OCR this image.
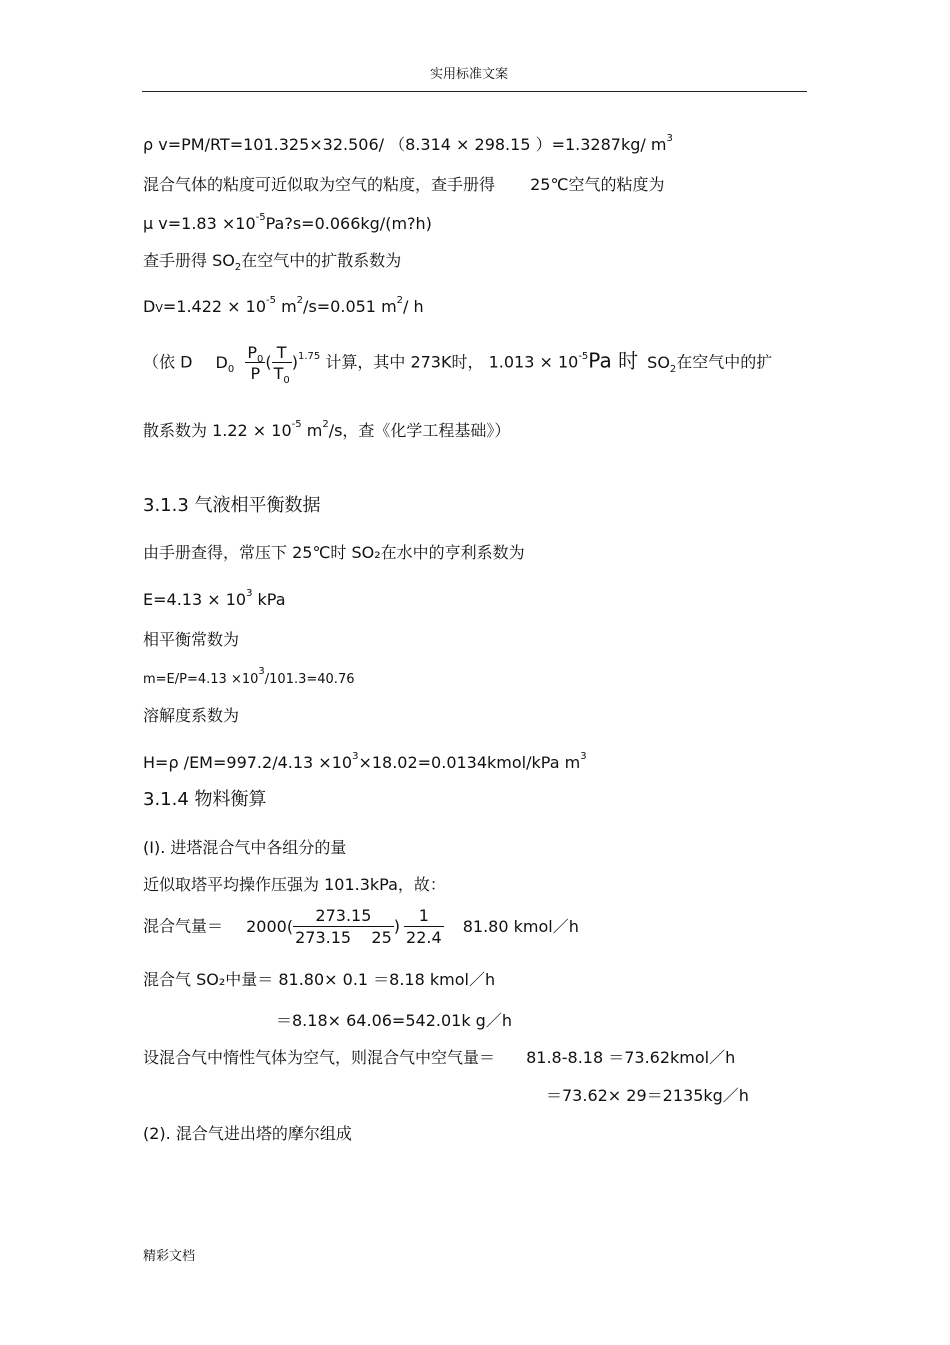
实用标准文案
ρ v=PM/RT=101.325×32.506/ （8.314 × 298.15 ）=1.3287kg/ $m^3$
混合气体的粘度可近似取为空气的粘度，查手册得 25℃空气的粘度为
μ $v=1.83 \times 10^{-5}Pa?s=0.066kg/(m?h)$
查手册得 $SO_2$在空气中的扩散系数为
$DV=1.422 \times 10^{-5}$ $m^2/s=0.051$ $m^2/$ h
（依 D $D_0 \frac{P_0}{P}$ ( $\frac{T}{T_0} )^{1.75}$ 计算，其中 273K时， $1.013 \times 10^{-5}Pa$ 时 $SO_2$在空气中的扩
散系数为 $1.22 \times 10^{-5}$ $m^2/s$，查《化学工程基础》）
3.1.3 气液相平衡数据
由手册查得，常压下 25℃时 SO₂在水中的亨利系数为
$E=4.13 \times 10^3$ kPa
相平衡常数为
$m=E/P=4.13 \times 10^3/101.3=40.76$
溶解度系数为
H=ρ $/EM=997.2/4.13 \times 10^3\times 18.02=0.0134kmol$/kPa $m^3$
3.1.4 物料衡算
(I). 进塔混合气中各组分的量
近似取塔平均操作压强为 101.3kPa，故：
混合气量＝ $2000( \frac{273.15}{273.15 25}$ ) $\frac{1}{22.4} 81.80$ kmol／h
混合气 SO₂中量＝ 81.80× 0.1 ＝8.18 kmol／h
＝8.18× 64.06=542.01k g／h
设混合气中惰性气体为空气，则混合气中空气量＝ 81.8-8.18 ＝73.62kmol／h
＝73.62× 29＝2135kg／h
(2). 混合气进出塔的摩尔组成
精彩文档
